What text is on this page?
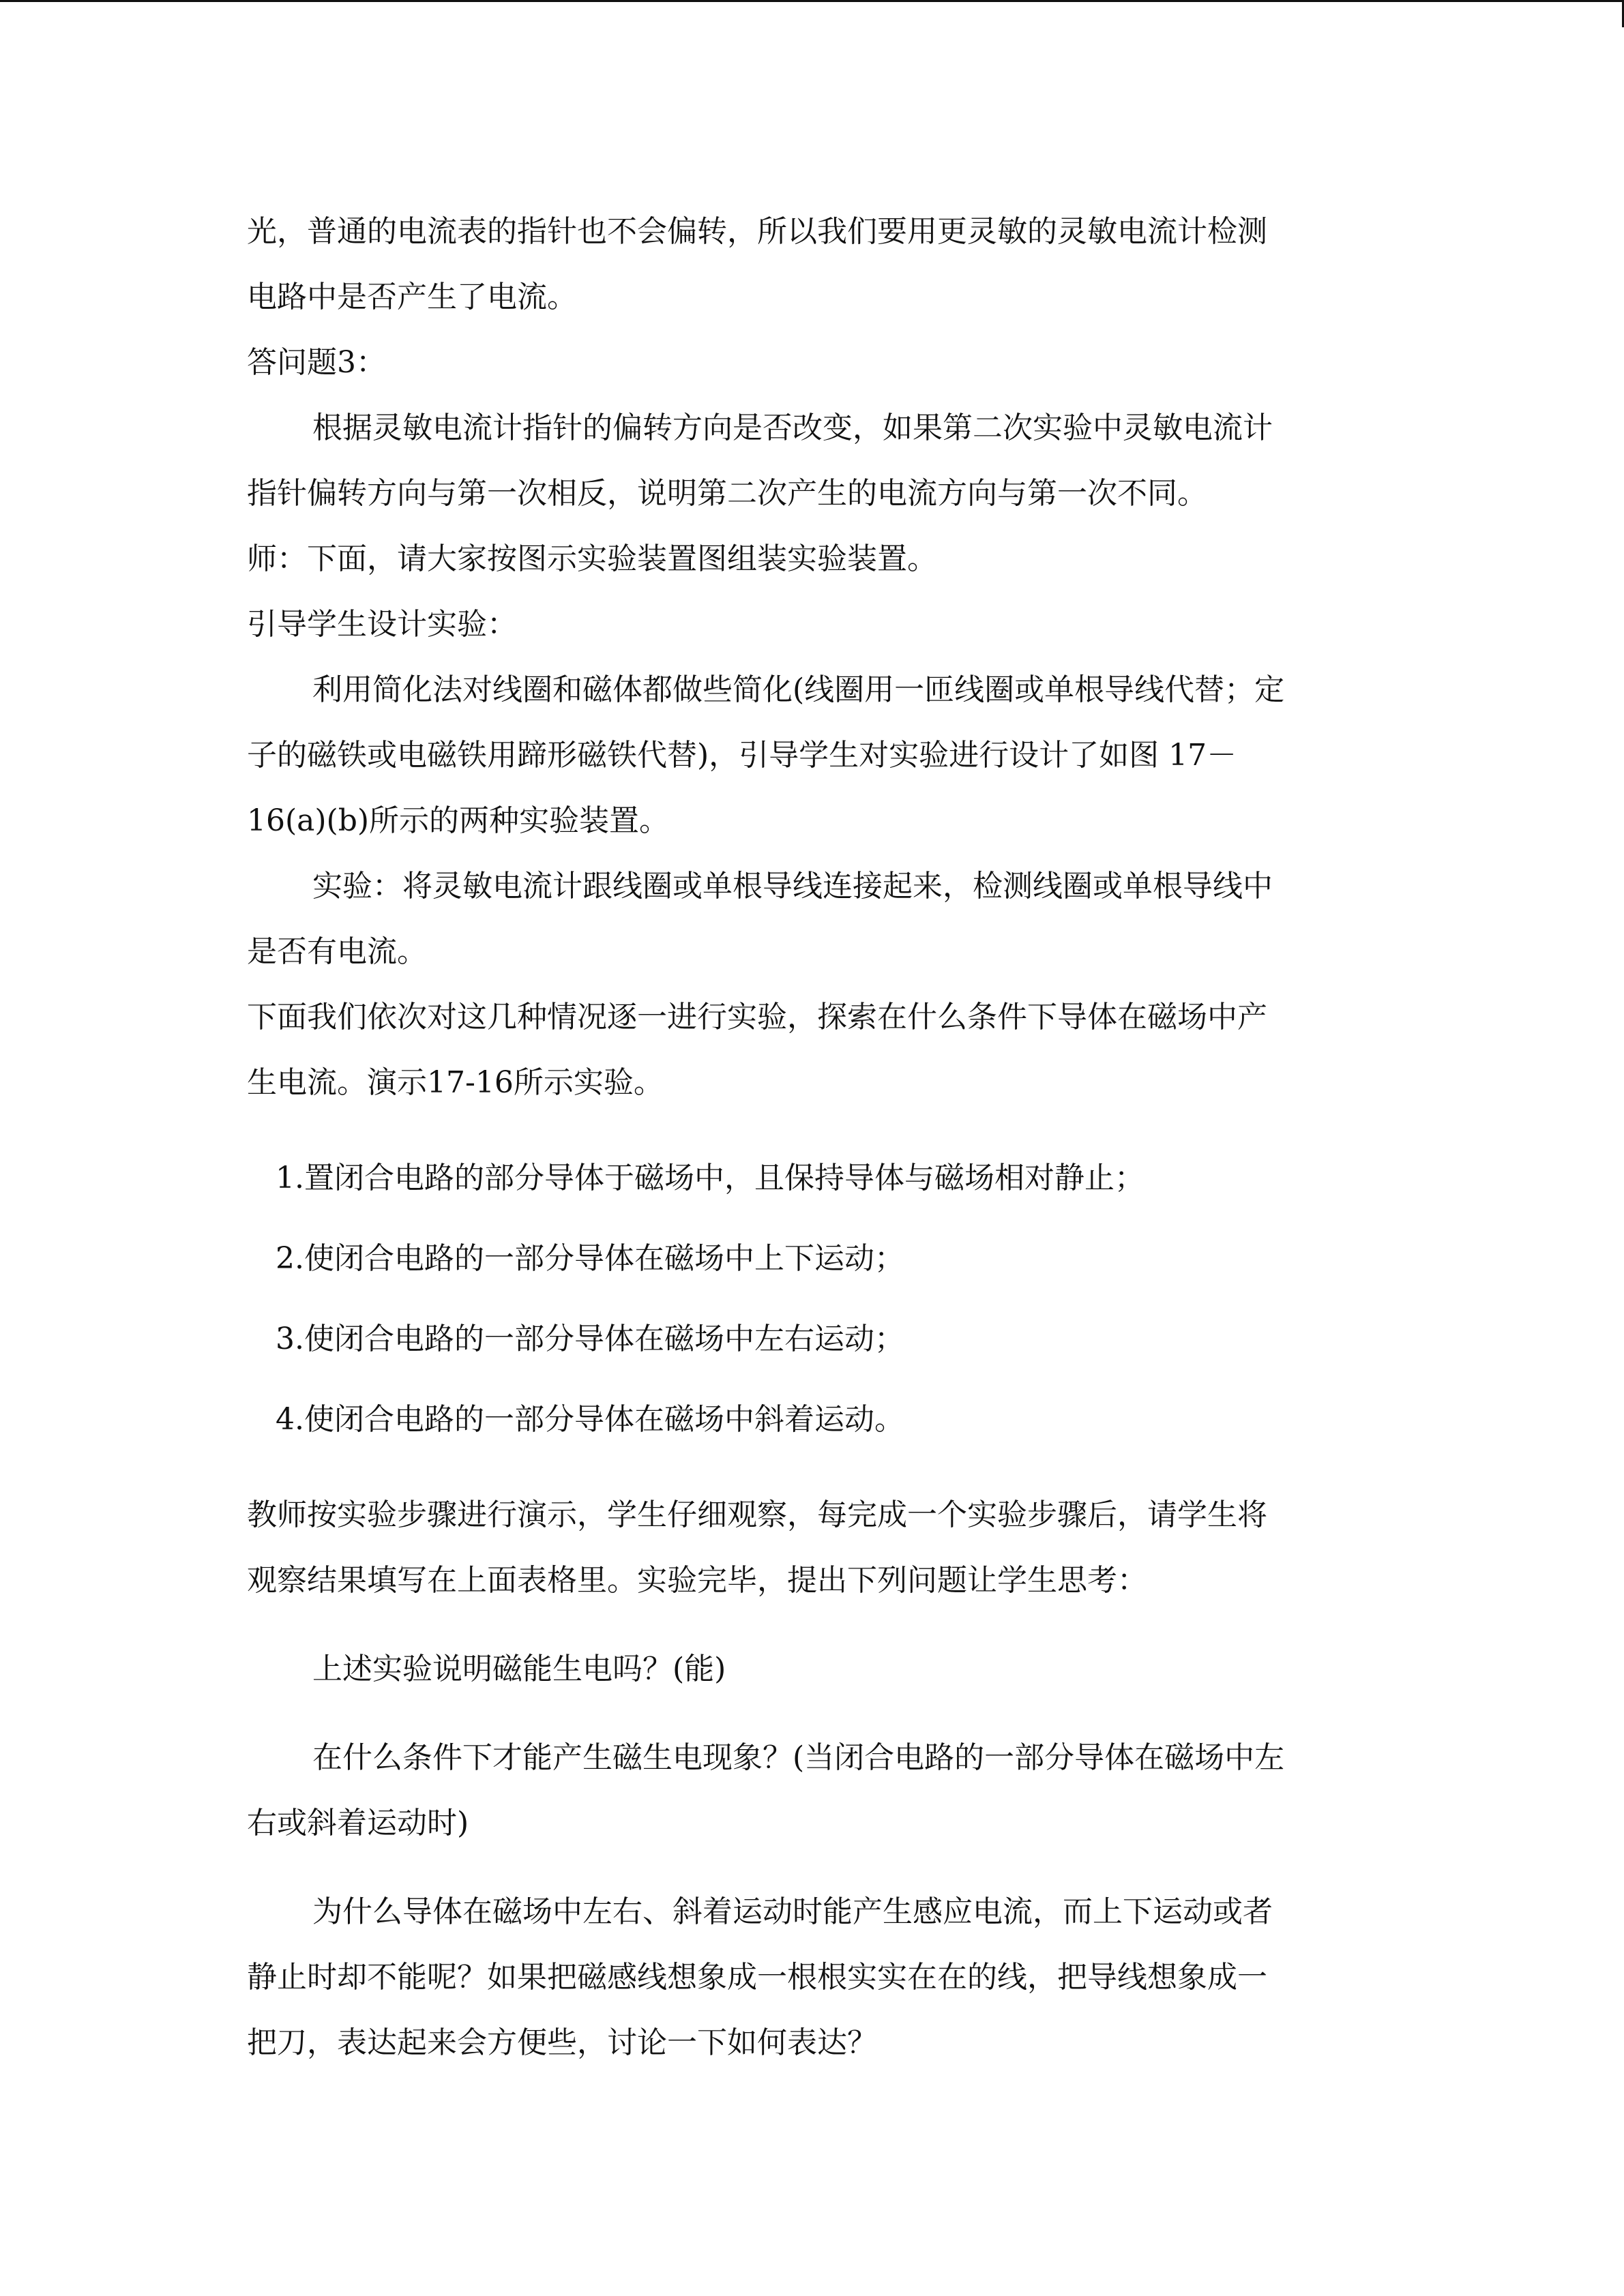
光，普通的电流表的指针也不会偏转，所以我们要用更灵敏的灵敏电流计检测

电路中是否产生了电流。

答问题3：

根据灵敏电流计指针的偏转方向是否改变，如果第二次实验中灵敏电流计

指针偏转方向与第一次相反，说明第二次产生的电流方向与第一次不同。

师：下面，请大家按图示实验装置图组装实验装置。

引导学生设计实验：

利用简化法对线圈和磁体都做些简化(线圈用一匝线圈或单根导线代替；定

子的磁铁或电磁铁用蹄形磁铁代替)，引导学生对实验进行设计了如图 17－

16(a)(b)所示的两种实验装置。

实验：将灵敏电流计跟线圈或单根导线连接起来，检测线圈或单根导线中

是否有电流。

下面我们依次对这几种情况逐一进行实验，探索在什么条件下导体在磁场中产

生电流。演示17-16所示实验。

1.置闭合电路的部分导体于磁场中，且保持导体与磁场相对静止；

2.使闭合电路的一部分导体在磁场中上下运动；

3.使闭合电路的一部分导体在磁场中左右运动；

4.使闭合电路的一部分导体在磁场中斜着运动。

教师按实验步骤进行演示，学生仔细观察，每完成一个实验步骤后，请学生将

观察结果填写在上面表格里。实验完毕，提出下列问题让学生思考：

上述实验说明磁能生电吗？(能)

在什么条件下才能产生磁生电现象？(当闭合电路的一部分导体在磁场中左

右或斜着运动时)

为什么导体在磁场中左右、斜着运动时能产生感应电流，而上下运动或者

静止时却不能呢？如果把磁感线想象成一根根实实在在的线，把导线想象成一

把刀，表达起来会方便些，讨论一下如何表达？
